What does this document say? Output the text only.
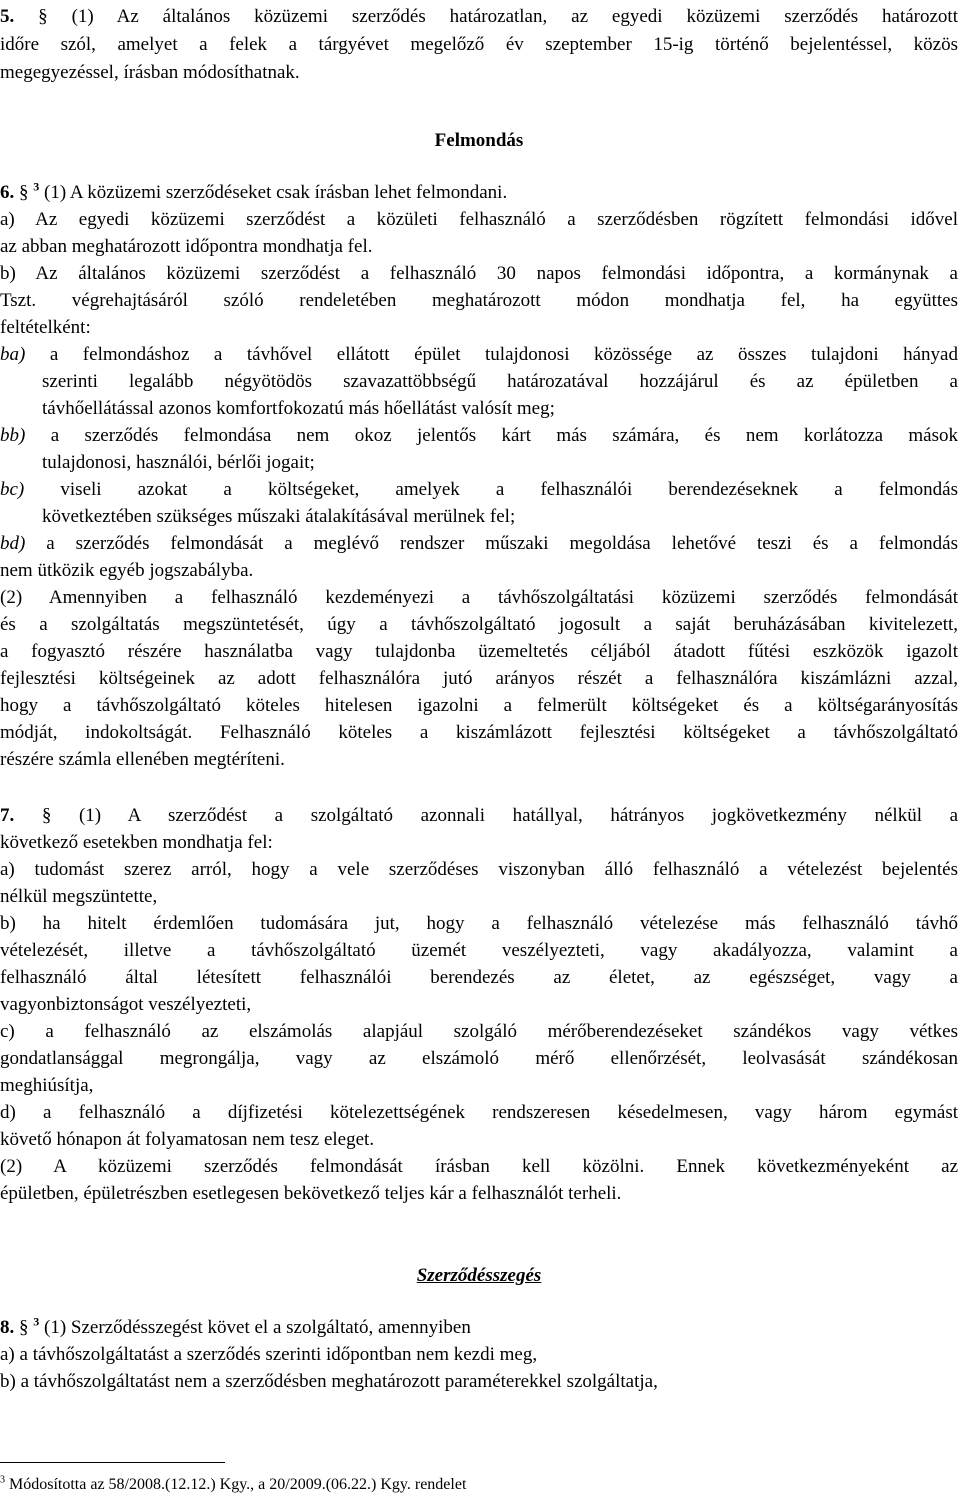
5. § (1) Az általános közüzemi szerződés határozatlan, az egyedi közüzemi szerződés határozott
időre szól, amelyet a felek a tárgyévet megelőző év szeptember 15-ig történő bejelentéssel, közös
megegyezéssel, írásban módosíthatnak.
Felmondás
6. § $^3$ (1) A közüzemi szerződéseket csak írásban lehet felmondani.
a) Az egyedi közüzemi szerződést a közületi felhasználó a szerződésben rögzített felmondási idővel
az abban meghatározott időpontra mondhatja fel.
b) Az általános közüzemi szerződést a felhasználó 30 napos felmondási időpontra, a kormánynak a
Tszt. végrehajtásáról szóló rendeletében meghatározott módon mondhatja fel, ha együttes
feltételként:
ba) a felmondáshoz a távhővel ellátott épület tulajdonosi közössége az összes tulajdoni hányad
szerinti legalább négyötödös szavazattöbbségű határozatával hozzájárul és az épületben a
távhőellátással azonos komfortfokozatú más hőellátást valósít meg;
bb) a szerződés felmondása nem okoz jelentős kárt más számára, és nem korlátozza mások
tulajdonosi, használói, bérlői jogait;
bc) viseli azokat a költségeket, amelyek a felhasználói berendezéseknek a felmondás
következtében szükséges műszaki átalakításával merülnek fel;
bd) a szerződés felmondását a meglévő rendszer műszaki megoldása lehetővé teszi és a felmondás
nem ütközik egyéb jogszabályba.
(2) Amennyiben a felhasználó kezdeményezi a távhőszolgáltatási közüzemi szerződés felmondását
és a szolgáltatás megszüntetését, úgy a távhőszolgáltató jogosult a saját beruházásában kivitelezett,
a fogyasztó részére használatba vagy tulajdonba üzemeltetés céljából átadott fűtési eszközök igazolt
fejlesztési költségeinek az adott felhasználóra jutó arányos részét a felhasználóra kiszámlázni azzal,
hogy a távhőszolgáltató köteles hitelesen igazolni a felmerült költségeket és a költségarányosítás
módját, indokoltságát. Felhasználó köteles a kiszámlázott fejlesztési költségeket a távhőszolgáltató
részére számla ellenében megtéríteni.
7. § (1) A szerződést a szolgáltató azonnali hatállyal, hátrányos jogkövetkezmény nélkül a
következő esetekben mondhatja fel:
a) tudomást szerez arról, hogy a vele szerződéses viszonyban álló felhasználó a vételezést bejelentés
nélkül megszüntette,
b) ha hitelt érdemlően tudomására jut, hogy a felhasználó vételezése más felhasználó távhő
vételezését, illetve a távhőszolgáltató üzemét veszélyezteti, vagy akadályozza, valamint a
felhasználó által létesített felhasználói berendezés az életet, az egészséget, vagy a
vagyonbiztonságot veszélyezteti,
c) a felhasználó az elszámolás alapjául szolgáló mérőberendezéseket szándékos vagy vétkes
gondatlansággal megrongálja, vagy az elszámoló mérő ellenőrzését, leolvasását szándékosan
meghiúsítja,
d) a felhasználó a díjfizetési kötelezettségének rendszeresen késedelmesen, vagy három egymást
követő hónapon át folyamatosan nem tesz eleget.
(2) A közüzemi szerződés felmondását írásban kell közölni. Ennek következményeként az
épületben, épületrészben esetlegesen bekövetkező teljes kár a felhasználót terheli.
Szerződésszegés
8. § $^3$ (1) Szerződésszegést követ el a szolgáltató, amennyiben
a) a távhőszolgáltatást a szerződés szerinti időpontban nem kezdi meg,
b) a távhőszolgáltatást nem a szerződésben meghatározott paraméterekkel szolgáltatja,
$^3$ Módosította az 58/2008.(12.12.) Kgy., a 20/2009.(06.22.) Kgy. rendelet
